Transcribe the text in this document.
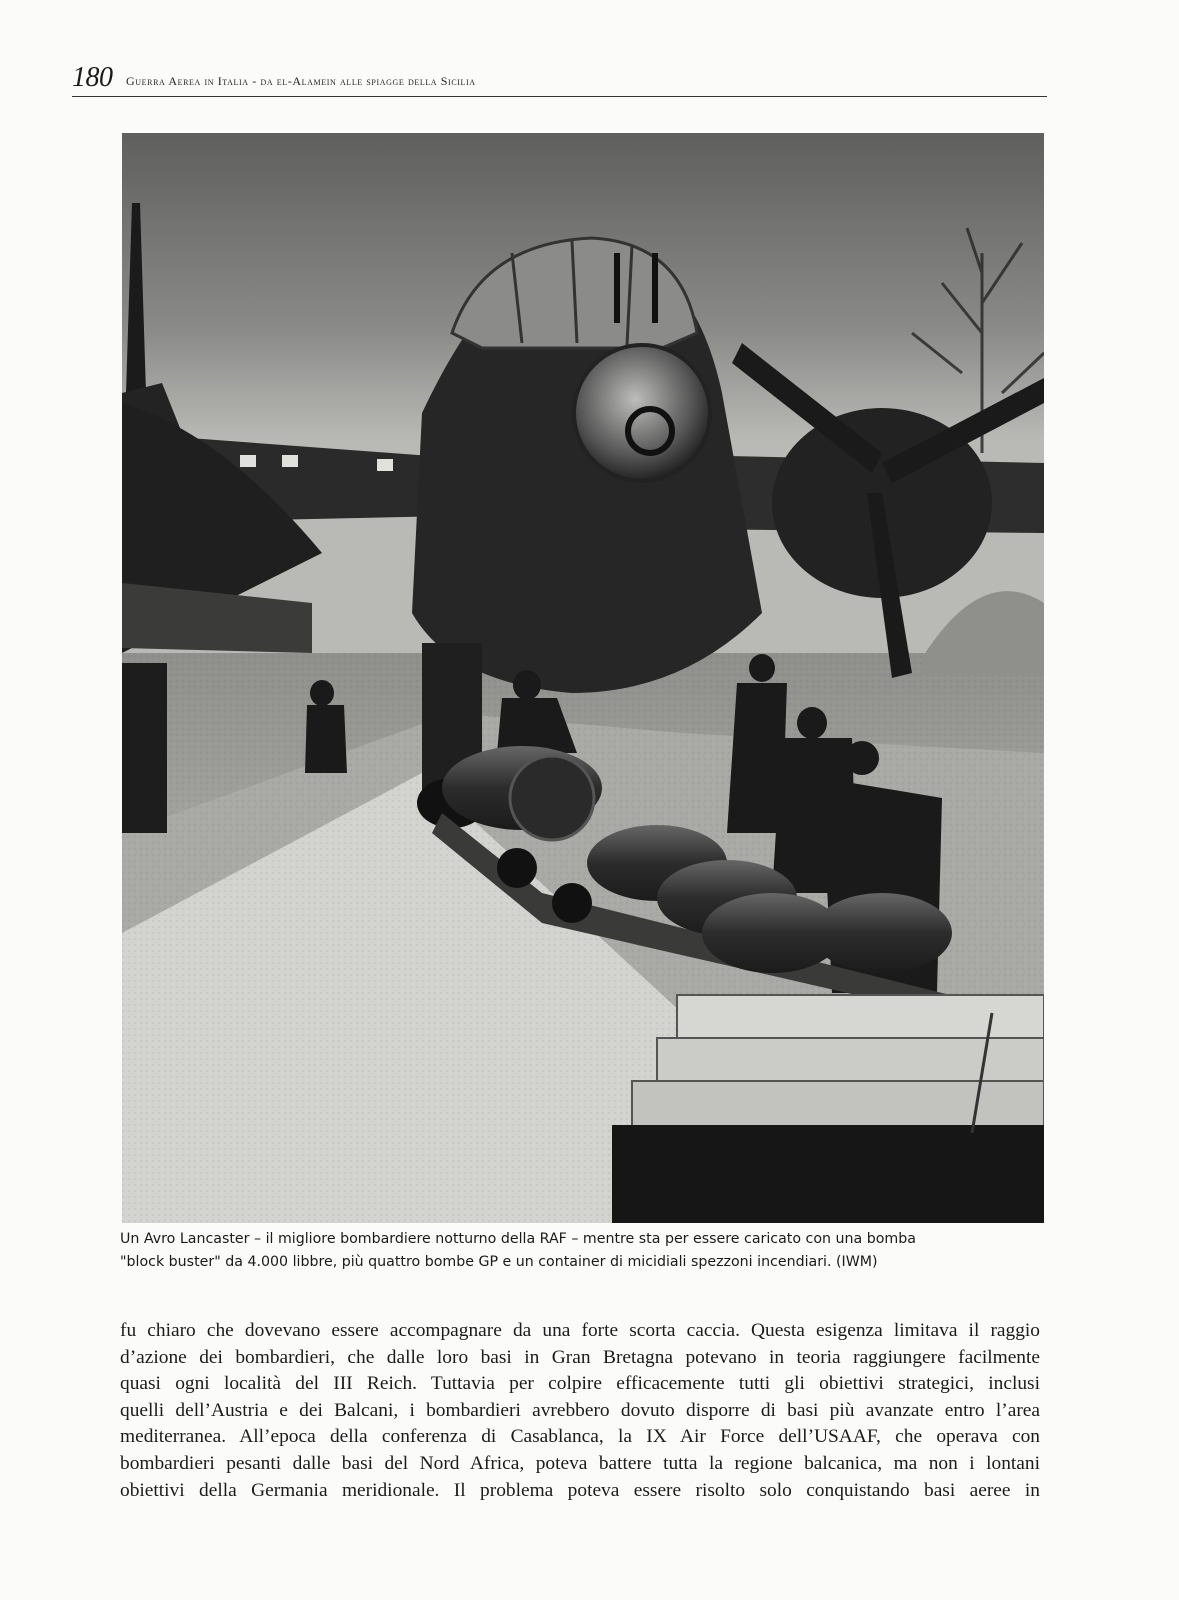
180 Guerra Aerea in Italia - da el-Alamein alle spiagge della Sicilia
Un Avro Lancaster – il migliore bombardiere notturno della RAF – mentre sta per essere caricato con una bomba
"block buster" da 4.000 libbre, più quattro bombe GP e un container di micidiali spezzoni incendiari. (IWM)
fu chiaro che dovevano essere accompagnare da una forte scorta caccia. Questa esigenza limitava il raggio
d’azione dei bombardieri, che dalle loro basi in Gran Bretagna potevano in teoria raggiungere facilmente
quasi ogni località del III Reich. Tuttavia per colpire efficacemente tutti gli obiettivi strategici, inclusi
quelli dell’Austria e dei Balcani, i bombardieri avrebbero dovuto disporre di basi più avanzate entro l’area
mediterranea. All’epoca della conferenza di Casablanca, la IX Air Force dell’USAAF, che operava con
bombardieri pesanti dalle basi del Nord Africa, poteva battere tutta la regione balcanica, ma non i lontani
obiettivi della Germania meridionale. Il problema poteva essere risolto solo conquistando basi aeree in
